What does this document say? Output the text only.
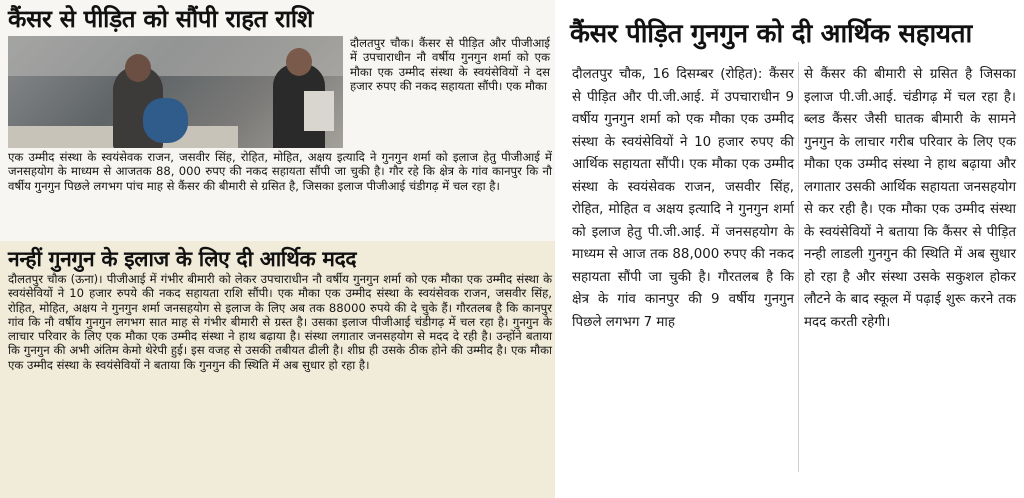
कैंसर से पीड़ित को सौंपी राहत राशि

दौलतपुर चौक। कैंसर से पीड़ित और पीजीआई में उपचाराधीन नौ वर्षीय गुनगुन शर्मा को एक मौका एक उम्मीद संस्था के स्वयंसेवियों ने दस हजार रुपए की नकद सहायता सौंपी। एक मौका

एक उम्मीद संस्था के स्वयंसेवक राजन, जसवीर सिंह, रोहित, मोहित, अक्षय इत्यादि ने गुनगुन शर्मा को इलाज हेतु पीजीआई में जनसहयोग के माध्यम से आजतक 88, 000 रुपए की नकद सहायता सौंपी जा चुकी है। गौर रहे कि क्षेत्र के गांव कानपुर कि नौ वर्षीय गुनगुन पिछले लगभग पांच माह से कैंसर की बीमारी से ग्रसित है, जिसका इलाज पीजीआई चंडीगढ़ में चल रहा है।

नन्हीं गुनगुन के इलाज के लिए दी आर्थिक मदद

दौलतपुर चौक (ऊना)। पीजीआई में गंभीर बीमारी को लेकर उपचाराधीन नौ वर्षीय गुनगुन शर्मा को एक मौका एक उम्मीद संस्था के स्वयंसेवियों ने 10 हजार रुपये की नकद सहायता राशि सौंपी। एक मौका एक उम्मीद संस्था के स्वयंसेवक राजन, जसवीर सिंह, रोहित, मोहित, अक्षय ने गुनगुन शर्मा जनसहयोग से इलाज के लिए अब तक 88000 रुपये की दे चुके हैं। गौरतलब है कि कानपुर गांव कि नौ वर्षीय गुनगुन लगभग सात माह से गंभीर बीमारी से ग्रस्त है। उसका इलाज पीजीआई चंडीगढ़ में चल रहा है। गुनगुन के लाचार परिवार के लिए एक मौका एक उम्मीद संस्था ने हाथ बढ़ाया है। संस्था लगातार जनसहयोग से मदद दे रही है। उन्होंने बताया कि गुनगुन की अभी अंतिम केमो थेरेपी हुई। इस वजह से उसकी तबीयत ढीली है। शीघ्र ही उसके ठीक होने की उम्मीद है। एक मौका एक उम्मीद संस्था के स्वयंसेवियों ने बताया कि गुनगुन की स्थिति में अब सुधार हो रहा है।

कैंसर पीड़ित गुनगुन को दी आर्थिक सहायता

दौलतपुर चौक, 16 दिसम्बर (रोहित): कैंसर से पीड़ित और पी.जी.आई. में उपचाराधीन 9 वर्षीय गुनगुन शर्मा को एक मौका एक उम्मीद संस्था के स्वयंसेवियों ने 10 हजार रुपए की आर्थिक सहायता सौंपी। एक मौका एक उम्मीद संस्था के स्वयंसेवक राजन, जसवीर सिंह, रोहित, मोहित व अक्षय इत्यादि ने गुनगुन शर्मा को इलाज हेतु पी.जी.आई. में जनसहयोग के माध्यम से आज तक 88,000 रुपए की नकद सहायता सौंपी जा चुकी है। गौरतलब है कि क्षेत्र के गांव कानपुर की 9 वर्षीय गुनगुन पिछले लगभग 7 माह

से कैंसर की बीमारी से ग्रसित है जिसका इलाज पी.जी.आई. चंडीगढ़ में चल रहा है। ब्लड कैंसर जैसी घातक बीमारी के सामने गुनगुन के लाचार गरीब परिवार के लिए एक मौका एक उम्मीद संस्था ने हाथ बढ़ाया और लगातार उसकी आर्थिक सहायता जनसहयोग से कर रही है। एक मौका एक उम्मीद संस्था के स्वयंसेवियों ने बताया कि कैंसर से पीड़ित नन्ही लाडली गुनगुन की स्थिति में अब सुधार हो रहा है और संस्था उसके सकुशल होकर लौटने के बाद स्कूल में पढ़ाई शुरू करने तक मदद करती रहेगी।
